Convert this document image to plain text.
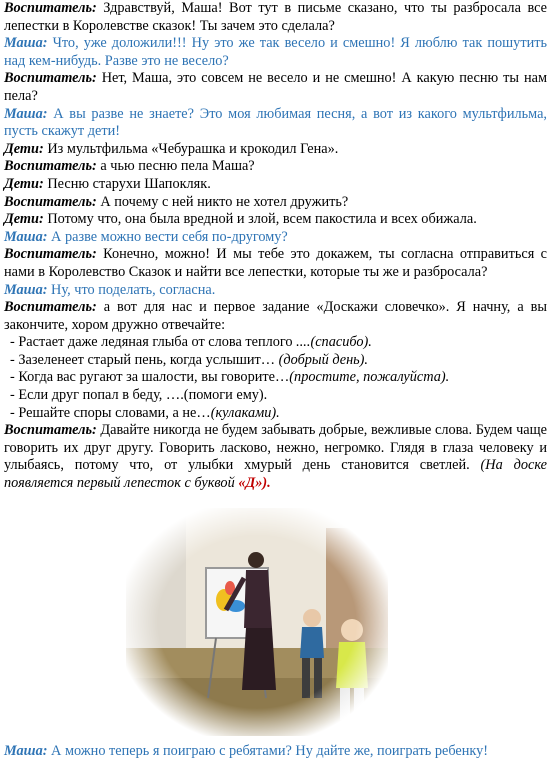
Воспитатель: Здравствуй, Маша! Вот тут в письме сказано, что ты разбросала все лепестки в Королевстве сказок! Ты зачем это сделала?

Маша: Что, уже доложили!!! Ну это же так весело и смешно! Я люблю так пошутить над кем-нибудь. Разве это не весело?

Воспитатель: Нет, Маша, это совсем не весело и не смешно! А какую песню ты нам пела?

Маша: А вы разве не знаете? Это моя любимая песня, а вот из какого мультфильма, пусть скажут дети!

Дети: Из мультфильма «Чебурашка и крокодил Гена».

Воспитатель: а чью песню пела Маша?

Дети: Песню старухи Шапокляк.

Воспитатель: А почему с ней никто не хотел дружить?

Дети: Потому что, она была вредной и злой, всем пакостила и всех обижала.

Маша: А разве можно вести себя по-другому?

Воспитатель: Конечно, можно! И мы тебе это докажем, ты согласна отправиться с нами в Королевство Сказок и найти все лепестки, которые ты же и разбросала?

Маша: Ну, что поделать, согласна.

Воспитатель: а вот для нас и первое задание «Доскажи словечко». Я начну, а вы закончите, хором дружно отвечайте:

- Растает даже ледяная глыба от слова теплого ....(спасибо).

- Зазеленеет старый пень, когда услышит… (добрый день).

- Когда вас ругают за шалости, вы говорите…(простите, пожалуйста).

- Если друг попал в беду, ….(помоги ему).

- Решайте споры словами, а не…(кулаками).

Воспитатель: Давайте никогда не будем забывать добрые, вежливые слова. Будем чаще говорить их друг другу. Говорить ласково, нежно, негромко. Глядя в глаза человеку и улыбаясь, потому что, от улыбки хмурый день становится светлей. (На доске появляется первый лепесток с буквой «Д»).

Маша: А можно теперь я поиграю с ребятами? Ну дайте же, поиграть ребенку!
